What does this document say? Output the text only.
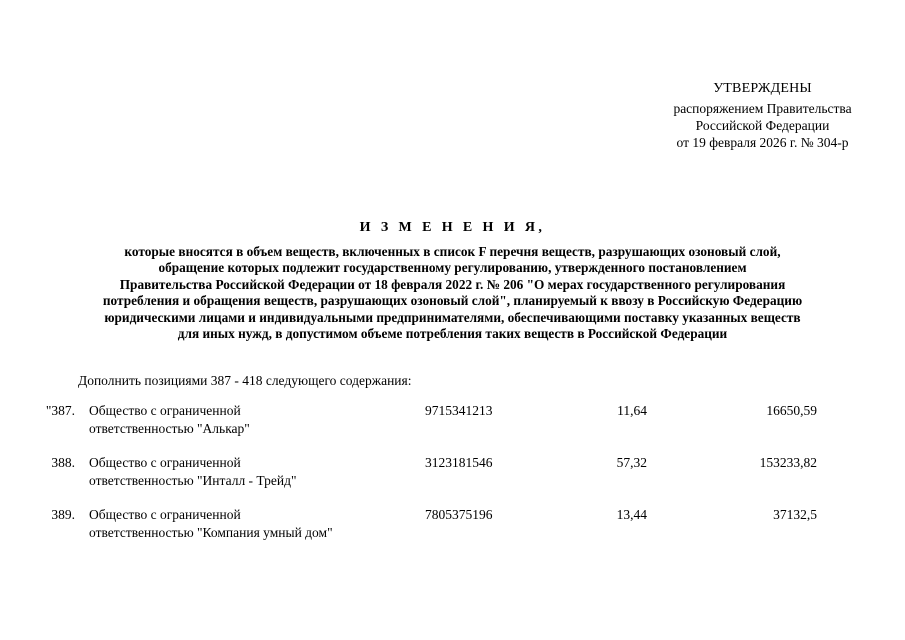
УТВЕРЖДЕНЫ
распоряжением Правительства
Российской Федерации
от 19 февраля 2026 г. № 304-р
И З М Е Н Е Н И Я,
которые вносятся в объем веществ, включенных в список F перечня веществ, разрушающих озоновый слой,
обращение которых подлежит государственному регулированию, утвержденного постановлением
Правительства Российской Федерации от 18 февраля 2022 г. № 206 "О мерах государственного регулирования
потребления и обращения веществ, разрушающих озоновый слой", планируемый к ввозу в Российскую Федерацию
юридическими лицами и индивидуальными предпринимателями, обеспечивающими поставку указанных веществ
для иных нужд, в допустимом объеме потребления таких веществ в Российской Федерации
Дополнить позициями 387 - 418 следующего содержания:
"387. Общество с ограниченной
ответственностью "Алькар"
9715341213	11,64	16650,59
388. Общество с ограниченной
ответственностью "Инталл - Трейд"
3123181546	57,32	153233,82
389. Общество с ограниченной
ответственностью "Компания умный дом"
7805375196	13,44	37132,5
